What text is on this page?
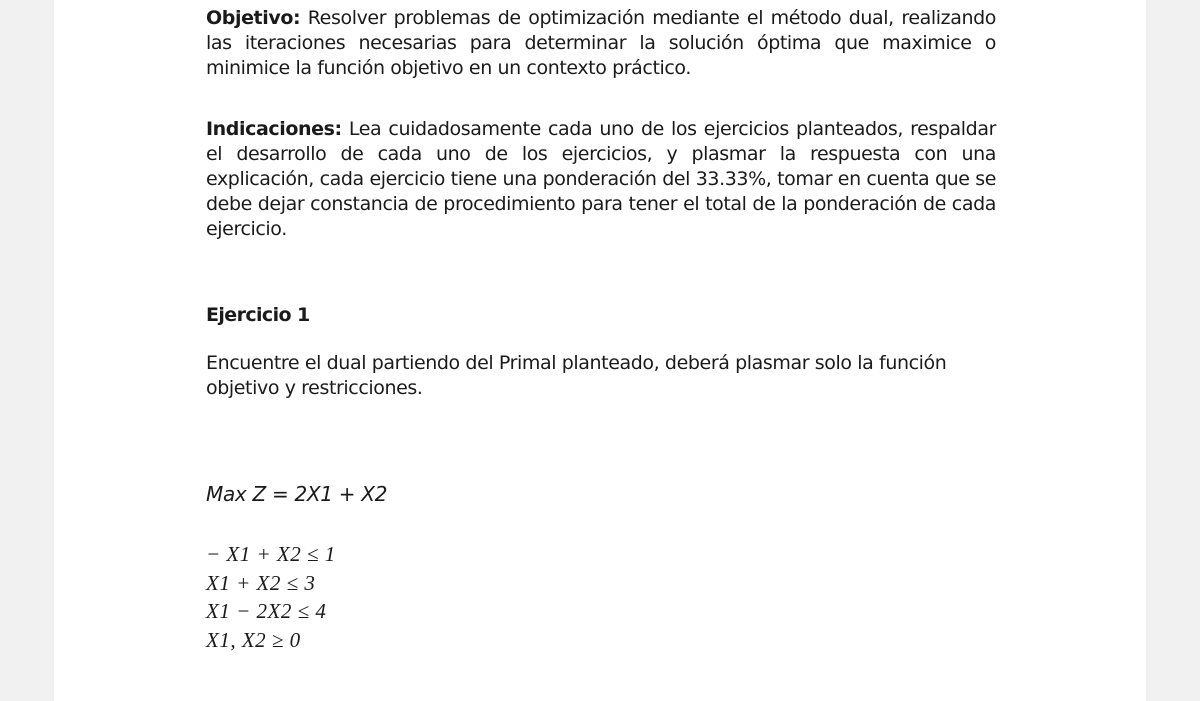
Objetivo: Resolver problemas de optimización mediante el método dual, realizando las iteraciones necesarias para determinar la solución óptima que maximice o minimice la función objetivo en un contexto práctico.

Indicaciones: Lea cuidadosamente cada uno de los ejercicios planteados, respaldar el desarrollo de cada uno de los ejercicios, y plasmar la respuesta con una explicación, cada ejercicio tiene una ponderación del 33.33%, tomar en cuenta que se debe dejar constancia de procedimiento para tener el total de la ponderación de cada ejercicio.

Ejercicio 1

Encuentre el dual partiendo del Primal planteado, deberá plasmar solo la función objetivo y restricciones.

Max Z = 2X1 + X2
− X1 + X2 ≤ 1
X1 + X2 ≤ 3
X1 − 2X2 ≤ 4
X1, X2 ≥ 0
